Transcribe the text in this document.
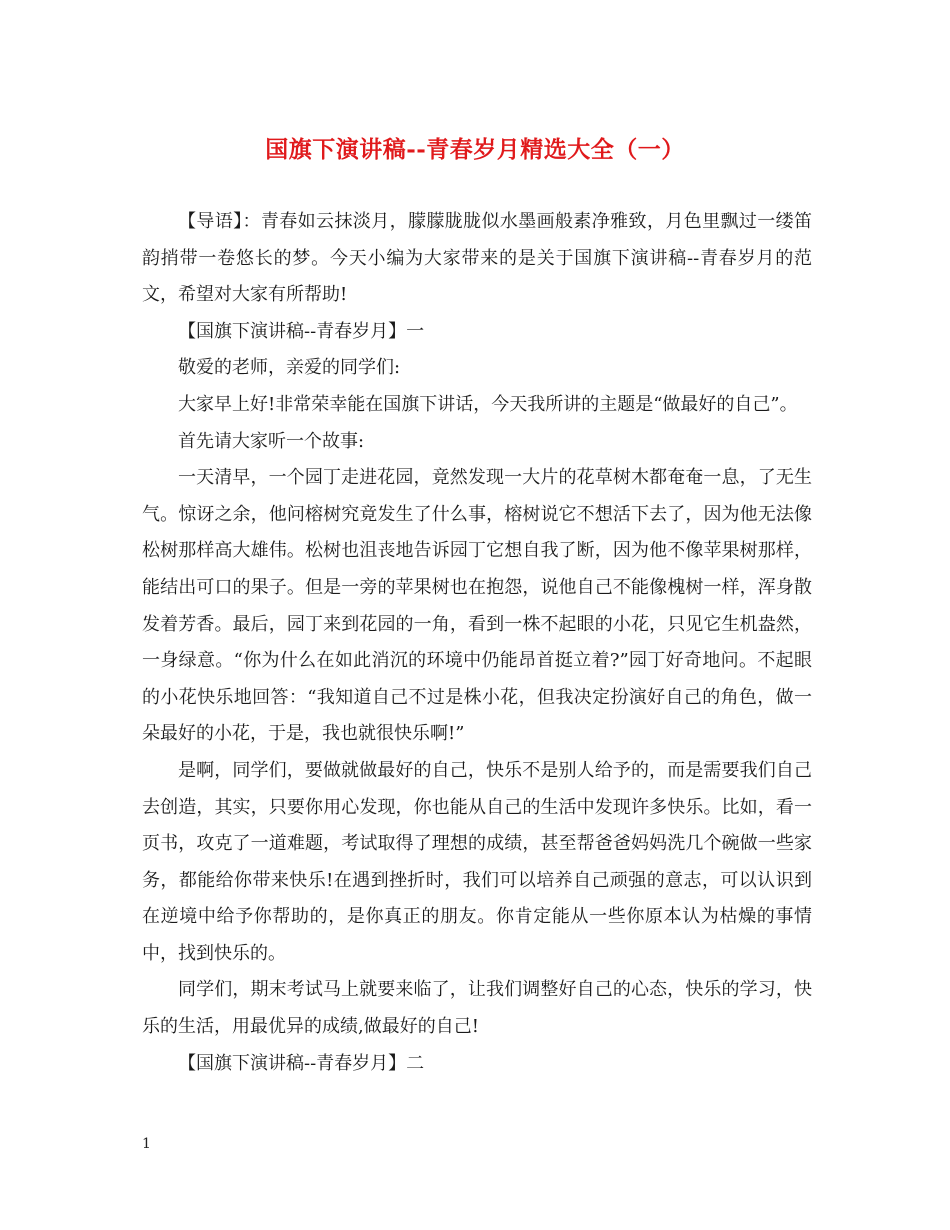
国旗下演讲稿--青春岁月精选大全（一）

【导语】：青春如云抹淡月，朦朦胧胧似水墨画般素净雅致，月色里飘过一缕笛韵捎带一卷悠长的梦。今天小编为大家带来的是关于国旗下演讲稿--青春岁月的范文，希望对大家有所帮助!

【国旗下演讲稿--青春岁月】一

敬爱的老师，亲爱的同学们:

大家早上好!非常荣幸能在国旗下讲话，今天我所讲的主题是“做最好的自己”。

首先请大家听一个故事:

一天清早，一个园丁走进花园，竟然发现一大片的花草树木都奄奄一息，了无生气。惊讶之余，他问榕树究竟发生了什么事，榕树说它不想活下去了，因为他无法像松树那样高大雄伟。松树也沮丧地告诉园丁它想自我了断，因为他不像苹果树那样，能结出可口的果子。但是一旁的苹果树也在抱怨，说他自己不能像槐树一样，浑身散发着芳香。最后，园丁来到花园的一角，看到一株不起眼的小花，只见它生机盎然，一身绿意。“你为什么在如此消沉的环境中仍能昂首挺立着?”园丁好奇地问。不起眼的小花快乐地回答：“我知道自己不过是株小花，但我决定扮演好自己的角色，做一朵最好的小花，于是，我也就很快乐啊!”

是啊，同学们，要做就做最好的自己，快乐不是别人给予的，而是需要我们自己去创造，其实，只要你用心发现，你也能从自己的生活中发现许多快乐。比如，看一页书，攻克了一道难题，考试取得了理想的成绩，甚至帮爸爸妈妈洗几个碗做一些家务，都能给你带来快乐!在遇到挫折时，我们可以培养自己顽强的意志，可以认识到在逆境中给予你帮助的，是你真正的朋友。你肯定能从一些你原本认为枯燥的事情中，找到快乐的。

同学们，期末考试马上就要来临了，让我们调整好自己的心态，快乐的学习，快乐的生活，用最优异的成绩,做最好的自己!

【国旗下演讲稿--青春岁月】二

1
